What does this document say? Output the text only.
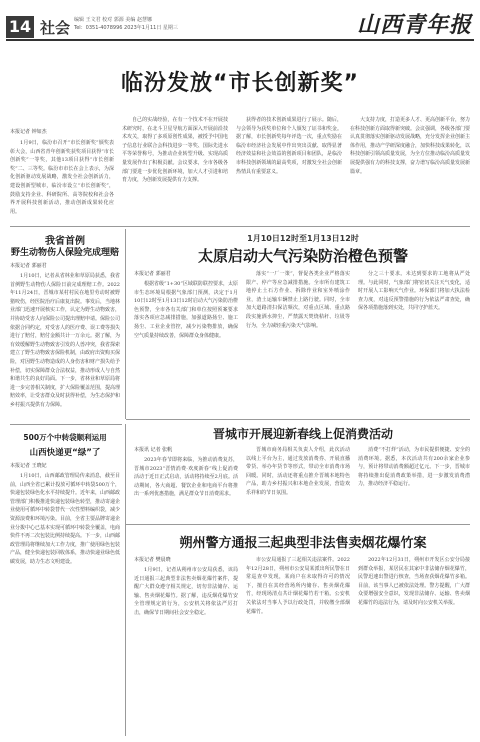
14 社会 编辑 王文君 校对 郭源 美编 赵慧娜
Tel：0351-4078996 2023年1月11日 星期三	山西青年报
临汾发放“市长创新奖”
本报记者 钟如杰
1月9日，临汾市召开“市长创新奖”颁奖表彰大会，山西省青年创新奖获奖项目获得“市长创新奖”一等奖，其他13项目获得“市长创新奖”二、三等奖。临汾市市长在会上表示，为深化创新驱动发展战略，激发全社会创新活力，建设创新型城市，临汾市设立“市长创新奖”，鼓励支持企业、科研院所、高等院校和社会各界开展科技创新活动，推动创新成果转化应用。
自己的实战经验，在有一个技术不在开展技术研究时，在北斗卫星导航方面深入开展前沿技术攻关，取得了多项原创性成果，被授予中国电子信息行业联合会科技进步一等奖、国际先进水平等荣誉称号，为推动企业转型升级、实现高质量发展作出了积极贡献。会议要求，全市各级各部门要进一步优化创新环境，加大人才引进和培育力度，为创新发展提供有力支撑。
获得者的技术创新成果进行了展示。随后，与会领导为获奖单位和个人颁发了证书和奖金。据了解，市长创新奖每年评选一次，重点奖励在临汾市经济社会发展中作出突出贡献、取得显著经济效益和社会效益的创新项目和团队，是临汾市科技创新领域的最高奖项，对激发全社会创新热情具有重要意义。
大支持力度，打造更多人才、更高创新平台，努力在科技创新方面取得新突破。会议强调，各级各部门要认真贯彻落实创新驱动发展战略，充分发挥企业创新主体作用，推动产学研深度融合，加快科技成果转化，以科技创新引领高质量发展，为全方位推动临汾高质量发展提供强有力的科技支撑，奋力谱写临汾高质量发展新篇章。
我省首例
野生动物伤人保险完成理赔
本报记者 郭丽君
1月10日，记者从省林业和草原局获悉，我省首例野生动物伤人保险日前完成理赔工作。2022年11月24日，晋城市某村村民在地里劳动时被野猪咬伤，经医院治疗后康复出院。事发后，当地林业部门迅速开展核实工作，认定为野生动物致害，并协助受害人向保险公司提出理赔申请。保险公司依据合同约定，对受害人的医疗费、误工费等损失进行了赔付，赔付金额共计一万余元。据了解，为有效缓解野生动物致害引发的人兽冲突，我省探索建立了野生动物致害保险机制，由政府出资购买保险，对因野生动物造成的人身伤害和财产损失给予补偿，切实保障群众合法权益，推动形成人与自然和谐共生的良好局面。下一步，省林业和草原局将进一步完善相关制度，扩大保险覆盖范围，提高理赔效率，让受害群众及时获得补偿，为生态保护和乡村振兴提供有力保障。
1月10日12时至1月13日12时
太原启动大气污染防治橙色预警
本报记者 郭丽君
根据省级“1+30”区域联防联控要求，太原市生态环境局根据气象部门预测，决定于1月10日12时至1月13日12时启动大气污染防治橙色预警，全市各有关部门和单位按照预案要求落实各项应急减排措施，加强道路扬尘、施工扬尘、工业企业管控，减少污染物排放，确保空气质量持续改善，保障群众身体健康。
落实“一厂一策”，督促各类企业严格落实限产、停产等应急减排措施。全市所有建筑工地停止土石方作业、拆除作业和室外喷涂作业，渣土运输车辆禁止上路行驶。同时，全市加大道路清扫保洁频次，对重点区域、重点路段实施洒水抑尘，严禁露天焚烧秸秆、垃圾等行为，全力减轻重污染天气影响。
分之三十要求。未达到要求的工地将从严处理。与此同时，气象部门将密切关注天气变化，适时开展人工影响天气作业。环保部门将加大执法检查力度，对违反预警措施的行为依法严肃查处，确保各项措施落到实处，共同守护蓝天。
晋城市开展迎新春线上促消费活动
本报讯 记者 张帆
2023年春节即将来临，为推动消费复苏，晋城市2023“晋情消费·欢度新春”线上促消费活动于近日正式启动，活动将持续至2月底。活动期间，各大商超、餐饮企业和电商平台将推出一系列优惠措施，满足群众节日消费需求。
晋城市商务局相关负责人介绍，此次活动以线上平台为主，通过发放消费券、开展直播带货、举办年货节等形式，带动全市消费市场回暖。同时，活动还将重点推介晋城本地特色产品，助力乡村振兴和本地企业发展，营造欢乐祥和的节日氛围。
消费“不打烊”活动，为市民提供便捷、安全的消费环境。据悉，本次活动共有200余家企业参与，预计将带动消费额超过亿元。下一步，晋城市将持续推出促消费政策举措，进一步激发消费潜力，推动经济平稳运行。
500万个中转袋顺利运用
山西快递更“绿”了
本报记者 王晓妃
1月10日，山西邮政管理局传来消息，截至目前，山西全省已累计投放可循环中转袋500万个，快递包装绿色化水平持续提升。近年来，山西邮政管理部门积极推进快递包装绿色转型，推动寄递企业使用可循环中转袋替代一次性塑料编织袋，减少资源浪费和环境污染。目前，全省主要品牌寄递企业分拨中心已基本实现可循环中转袋全覆盖，电商快件不再二次包装比例持续提高。下一步，山西邮政管理局将继续加大工作力度，推广使用绿色包装产品，健全快递包装回收体系，推动快递业绿色低碳发展，助力生态文明建设。
朔州警方通报三起典型非法售卖烟花爆竹案
本报记者 樊晨晓
1月9日，记者从朔州市公安局获悉，该局近日通报三起典型非法售卖烟花爆竹案件，提醒广大群众遵守相关规定，切勿非法储存、运输、售卖烟花爆竹。据了解，违反烟花爆竹安全管理规定的行为，公安机关将依法严厉打击，确保节日期间社会安全稳定。
市公安局通报了三起相关违法案件。2022年12月28日，朔州市公安局某派出所民警在日常巡查中发现，某商户在未取得许可的情况下，擅自在其经营场所内储存、售卖烟花爆竹，经现场清点共计烟花爆竹若干箱。公安机关依法对当事人予以行政处罚，并收缴全部烟花爆竹。
2022年12月31日，朔州市开发区公安分局接到群众举报，某居民在其家中非法储存烟花爆竹，民警迅速出警进行核查，当场查获烟花爆竹多箱。目前，该当事人已被依法处理。警方提醒，广大群众要增强安全意识，发现非法储存、运输、售卖烟花爆竹的违法行为，请及时向公安机关举报。
